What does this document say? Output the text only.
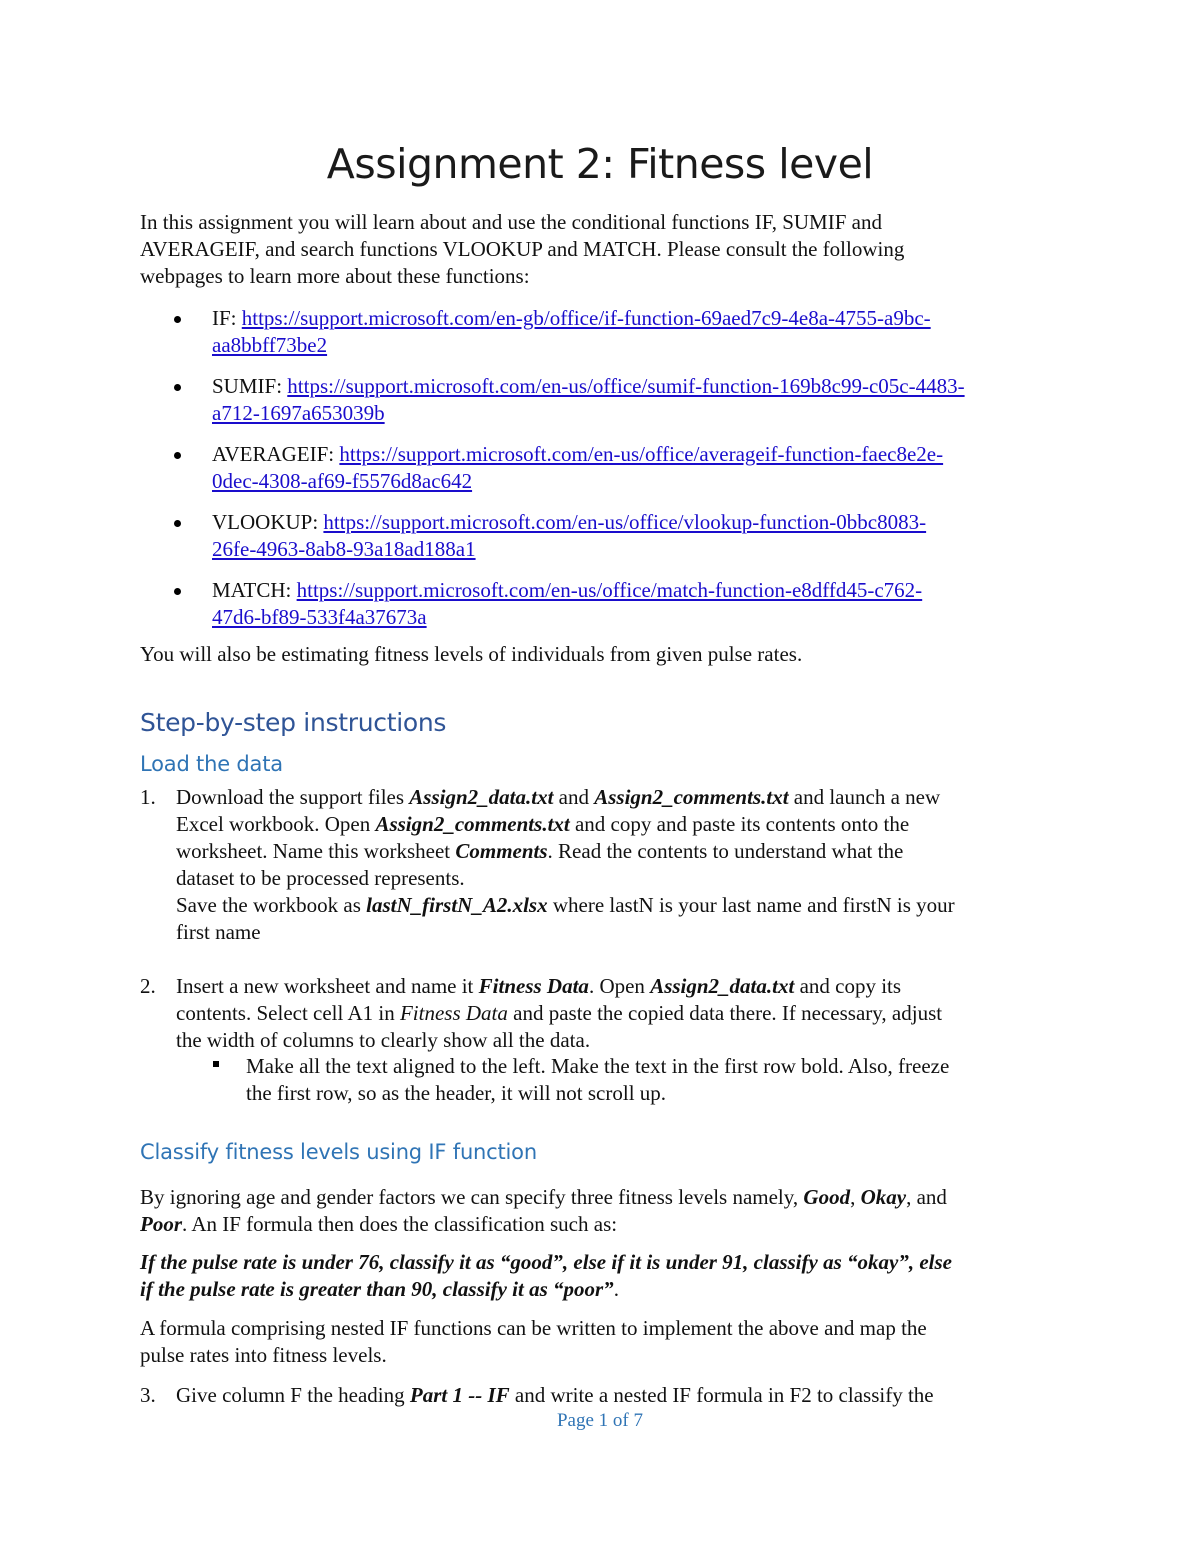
Assignment 2: Fitness level
In this assignment you will learn about and use the conditional functions IF, SUMIF and
AVERAGEIF, and search functions VLOOKUP and MATCH. Please consult the following
webpages to learn more about these functions:
IF: https://support.microsoft.com/en-gb/office/if-function-69aed7c9-4e8a-4755-a9bc-
aa8bbff73be2
SUMIF: https://support.microsoft.com/en-us/office/sumif-function-169b8c99-c05c-4483-
a712-1697a653039b
AVERAGEIF: https://support.microsoft.com/en-us/office/averageif-function-faec8e2e-
0dec-4308-af69-f5576d8ac642
VLOOKUP: https://support.microsoft.com/en-us/office/vlookup-function-0bbc8083-
26fe-4963-8ab8-93a18ad188a1
MATCH: https://support.microsoft.com/en-us/office/match-function-e8dffd45-c762-
47d6-bf89-533f4a37673a
You will also be estimating fitness levels of individuals from given pulse rates.
Step-by-step instructions
Load the data
1. Download the support files Assign2_data.txt and Assign2_comments.txt and launch a new
Excel workbook. Open Assign2_comments.txt and copy and paste its contents onto the
worksheet. Name this worksheet Comments. Read the contents to understand what the
dataset to be processed represents.
Save the workbook as lastN_firstN_A2.xlsx where lastN is your last name and firstN is your
first name
2. Insert a new worksheet and name it Fitness Data. Open Assign2_data.txt and copy its
contents. Select cell A1 in Fitness Data and paste the copied data there. If necessary, adjust
the width of columns to clearly show all the data.
Make all the text aligned to the left. Make the text in the first row bold. Also, freeze
the first row, so as the header, it will not scroll up.
Classify fitness levels using IF function
By ignoring age and gender factors we can specify three fitness levels namely, Good, Okay, and
Poor. An IF formula then does the classification such as:
If the pulse rate is under 76, classify it as “good”, else if it is under 91, classify as “okay”, else
if the pulse rate is greater than 90, classify it as “poor”.
A formula comprising nested IF functions can be written to implement the above and map the
pulse rates into fitness levels.
3. Give column F the heading Part 1 -- IF and write a nested IF formula in F2 to classify the
Page 1 of 7
